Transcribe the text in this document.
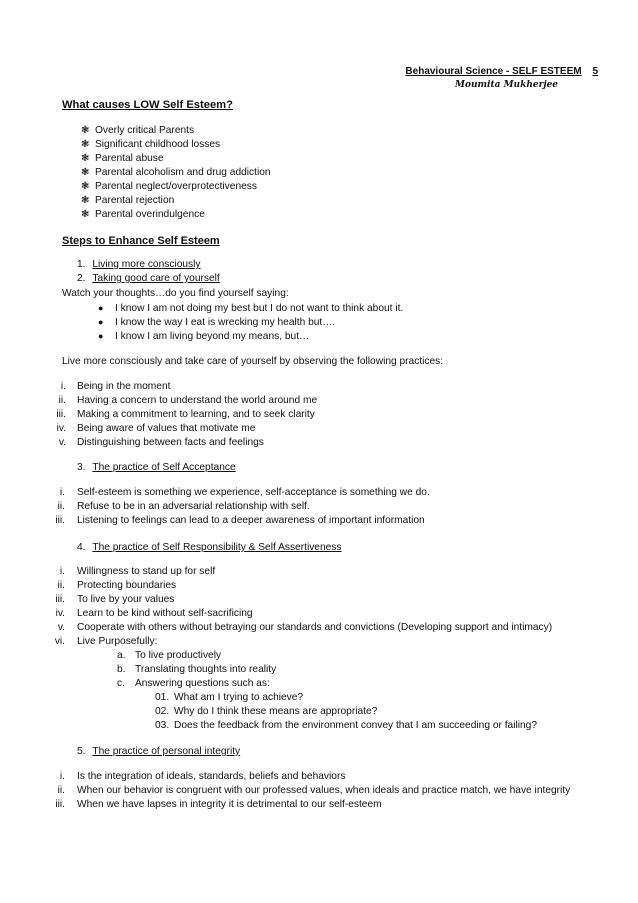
Behavioural Science - SELF ESTEEM 5
Moumita Mukherjee
What causes LOW Self Esteem?
❃ Overly critical Parents
❃ Significant childhood losses
❃ Parental abuse
❃ Parental alcoholism and drug addiction
❃ Parental neglect/overprotectiveness
❃ Parental rejection
❃ Parental overindulgence
Steps to Enhance Self Esteem
1. Living more consciously
2. Taking good care of yourself
Watch your thoughts…do you find yourself saying:
● I know I am not doing my best but I do not want to think about it.
● I know the way I eat is wrecking my health but….
● I know I am living beyond my means, but…
Live more consciously and take care of yourself by observing the following practices:
i. Being in the moment
ii. Having a concern to understand the world around me
iii. Making a commitment to learning, and to seek clarity
iv. Being aware of values that motivate me
v. Distinguishing between facts and feelings
3. The practice of Self Acceptance
i. Self-esteem is something we experience, self-acceptance is something we do.
ii. Refuse to be in an adversarial relationship with self.
iii. Listening to feelings can lead to a deeper awareness of important information
4. The practice of Self Responsibility & Self Assertiveness
i. Willingness to stand up for self
ii. Protecting boundaries
iii. To live by your values
iv. Learn to be kind without self-sacrificing
v. Cooperate with others without betraying our standards and convictions (Developing support and intimacy)
vi. Live Purposefully:
a. To live productively
b. Translating thoughts into reality
c. Answering questions such as:
01. What am I trying to achieve?
02. Why do I think these means are appropriate?
03. Does the feedback from the environment convey that I am succeeding or failing?
5. The practice of personal integrity
i. Is the integration of ideals, standards, beliefs and behaviors
ii. When our behavior is congruent with our professed values, when ideals and practice match, we have integrity
iii. When we have lapses in integrity it is detrimental to our self-esteem
